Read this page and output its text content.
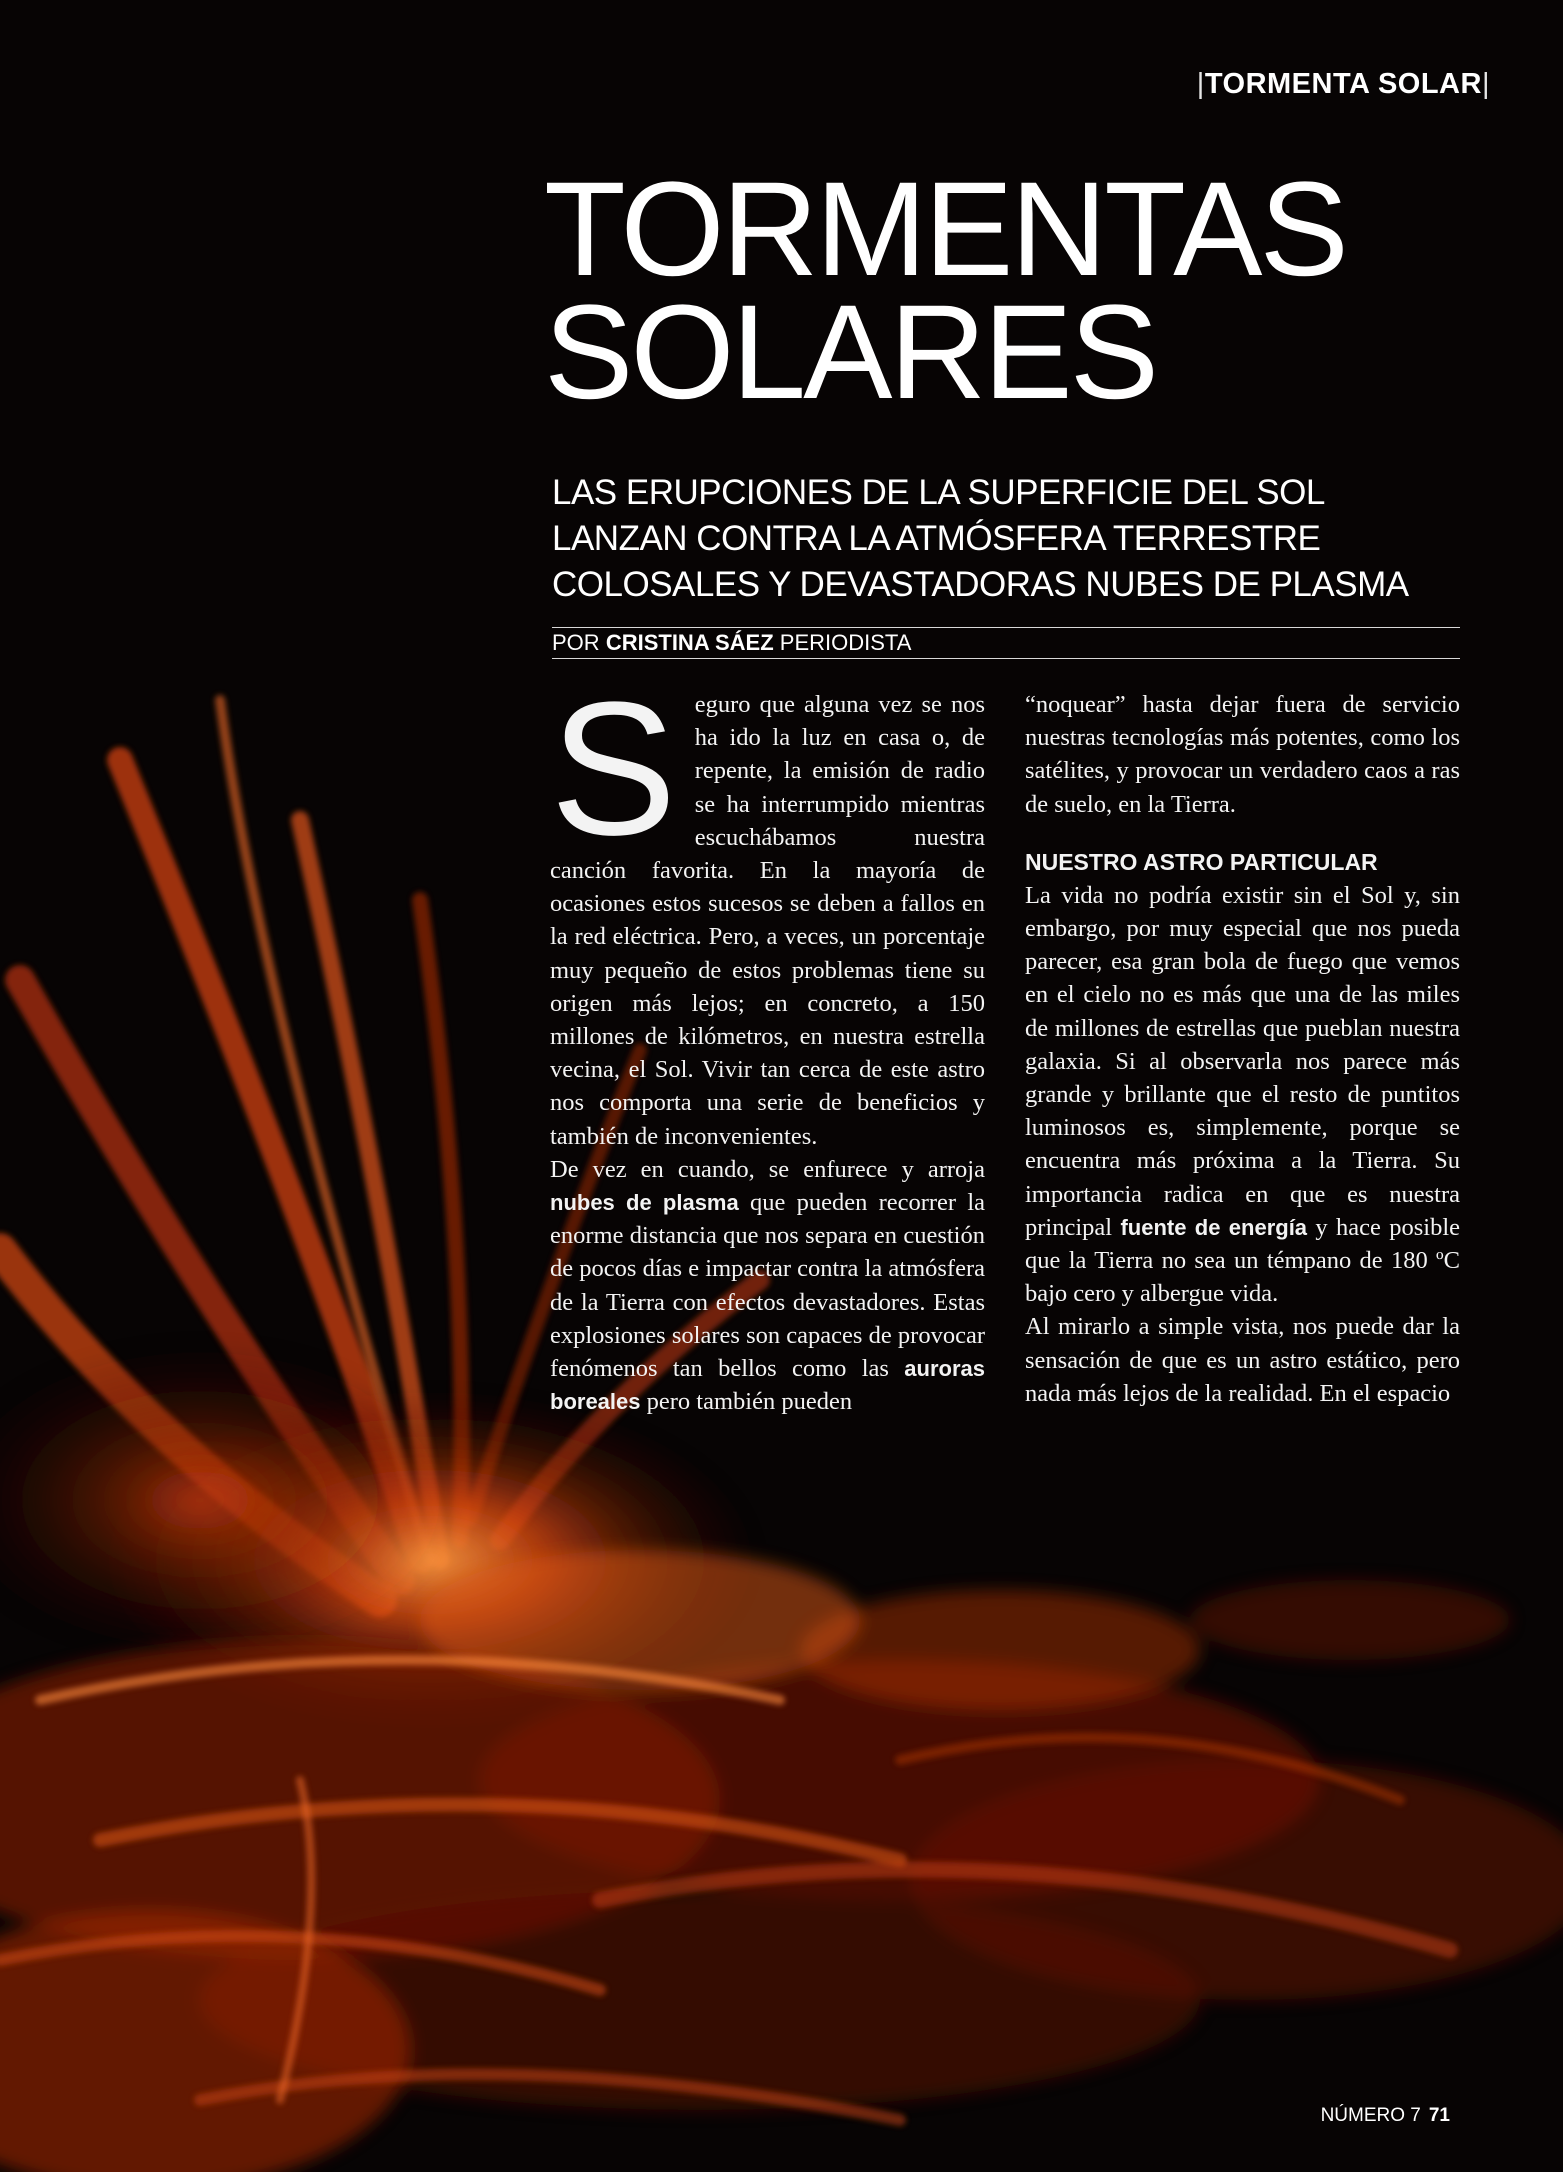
|TORMENTA SOLAR|
TORMENTAS
SOLARES
LAS ERUPCIONES DE LA SUPERFICIE DEL SOL
LANZAN CONTRA LA ATMÓSFERA TERRESTRE
COLOSALES Y DEVASTADORAS NUBES DE PLASMA
POR CRISTINA SÁEZ PERIODISTA

Seguro que alguna vez se nos ha ido la luz en casa o, de repente, la emisión de radio se ha interrumpido mientras escuchábamos nuestra canción favorita. En la mayoría de ocasiones estos sucesos se deben a fallos en la red eléctrica. Pero, a veces, un porcentaje muy pequeño de estos problemas tiene su origen más lejos; en concreto, a 150 millones de kilómetros, en nuestra estrella vecina, el Sol. Vivir tan cerca de este astro nos comporta una serie de beneficios y también de inconvenientes.

De vez en cuando, se enfurece y arroja nubes de plasma que pueden recorrer la enorme distancia que nos separa en cuestión de pocos días e impactar contra la atmósfera de la Tierra con efectos devastadores. Estas explosiones solares son capaces de provocar fenómenos tan bellos como las auroras boreales pero también pueden

“noquear” hasta dejar fuera de servicio nuestras tecnologías más potentes, como los satélites, y provocar un verdadero caos a ras de suelo, en la Tierra.

NUESTRO ASTRO PARTICULAR

La vida no podría existir sin el Sol y, sin embargo, por muy especial que nos pueda parecer, esa gran bola de fuego que vemos en el cielo no es más que una de las miles de millones de estrellas que pueblan nuestra galaxia. Si al observarla nos parece más grande y brillante que el resto de puntitos luminosos es, simplemente, porque se encuentra más próxima a la Tierra. Su importancia radica en que es nuestra principal fuente de energía y hace posible que la Tierra no sea un témpano de 180 ºC bajo cero y albergue vida.

Al mirarlo a simple vista, nos puede dar la sensación de que es un astro estático, pero nada más lejos de la realidad. En el espacio

NÚMERO 7 71
